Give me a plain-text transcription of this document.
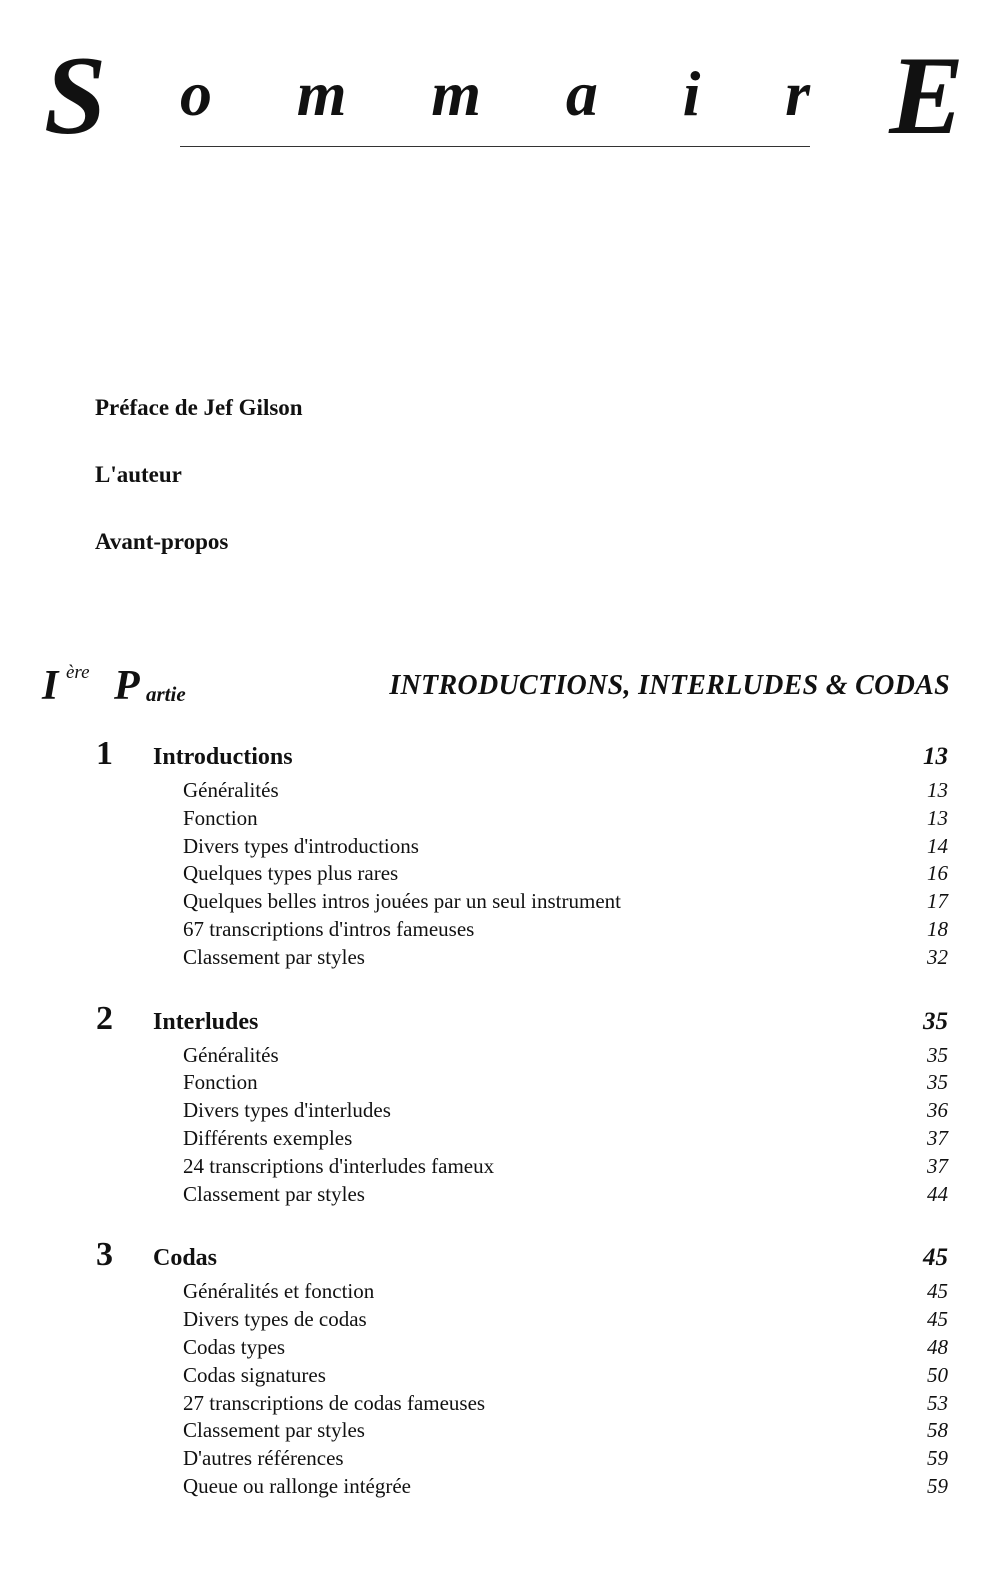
S o m m a i r E
Préface de Jef Gilson
L'auteur
Avant-propos
I ère P artie	INTRODUCTIONS, INTERLUDES & CODAS
1 Introductions	13
Généralités	13
Fonction	13
Divers types d'introductions	14
Quelques types plus rares	16
Quelques belles intros jouées par un seul instrument	17
67 transcriptions d'intros fameuses	18
Classement par styles	32
2 Interludes	35
Généralités	35
Fonction	35
Divers types d'interludes	36
Différents exemples	37
24 transcriptions d'interludes fameux	37
Classement par styles	44
3 Codas	45
Généralités et fonction	45
Divers types de codas	45
Codas types	48
Codas signatures	50
27 transcriptions de codas fameuses	53
Classement par styles	58
D'autres références	59
Queue ou rallonge intégrée	59
